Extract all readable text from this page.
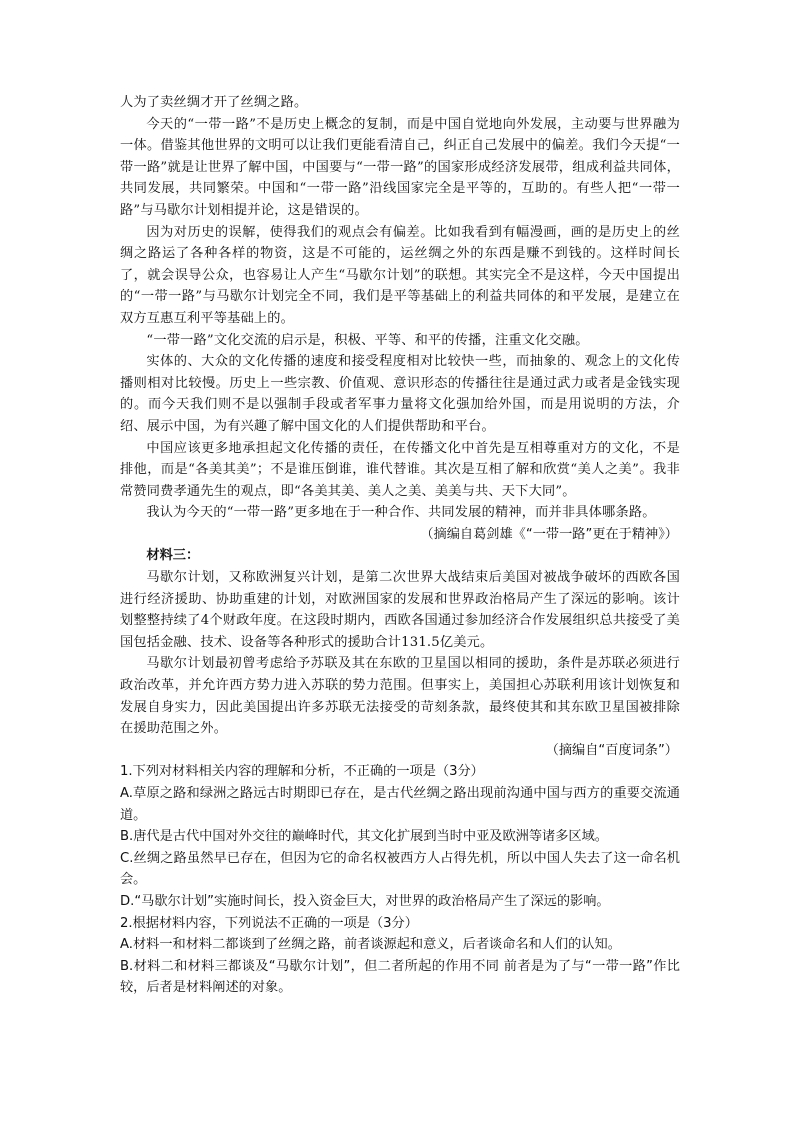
人为了卖丝绸才开了丝绸之路。

今天的“一带一路”不是历史上概念的复制，而是中国自觉地向外发展，主动要与世界融为一体。借鉴其他世界的文明可以让我们更能看清自己，纠正自己发展中的偏差。我们今天提“一带一路”就是让世界了解中国，中国要与“一带一路”的国家形成经济发展带，组成利益共同体，共同发展，共同繁荣。中国和“一带一路”沿线国家完全是平等的，互助的。有些人把“一带一路”与马歇尔计划相提并论，这是错误的。

因为对历史的误解，使得我们的观点会有偏差。比如我看到有幅漫画，画的是历史上的丝绸之路运了各种各样的物资，这是不可能的，运丝绸之外的东西是赚不到钱的。这样时间长了，就会误导公众，也容易让人产生“马歇尔计划”的联想。其实完全不是这样，今天中国提出的“一带一路”与马歇尔计划完全不同，我们是平等基础上的利益共同体的和平发展，是建立在双方互惠互利平等基础上的。

“一带一路”文化交流的启示是，积极、平等、和平的传播，注重文化交融。

实体的、大众的文化传播的速度和接受程度相对比较快一些，而抽象的、观念上的文化传播则相对比较慢。历史上一些宗教、价值观、意识形态的传播往往是通过武力或者是金钱实现的。而今天我们则不是以强制手段或者军事力量将文化强加给外国，而是用说明的方法，介绍、展示中国，为有兴趣了解中国文化的人们提供帮助和平台。

中国应该更多地承担起文化传播的责任，在传播文化中首先是互相尊重对方的文化，不是排他，而是“各美其美”；不是谁压倒谁，谁代替谁。其次是互相了解和欣赏“美人之美”。我非常赞同费孝通先生的观点，即“各美其美、美人之美、美美与共、天下大同”。

我认为今天的“一带一路”更多地在于一种合作、共同发展的精神，而并非具体哪条路。

（摘编自葛剑雄《“一带一路”更在于精神》）

材料三：

马歇尔计划，又称欧洲复兴计划，是第二次世界大战结束后美国对被战争破坏的西欧各国进行经济援助、协助重建的计划，对欧洲国家的发展和世界政治格局产生了深远的影响。该计划整整持续了4个财政年度。在这段时期内，西欧各国通过参加经济合作发展组织总共接受了美国包括金融、技术、设备等各种形式的援助合计131.5亿美元。

马歇尔计划最初曾考虑给予苏联及其在东欧的卫星国以相同的援助，条件是苏联必须进行政治改革，并允许西方势力进入苏联的势力范围。但事实上，美国担心苏联利用该计划恢复和发展自身实力，因此美国提出许多苏联无法接受的苛刻条款，最终使其和其东欧卫星国被排除在援助范围之外。

（摘编自“百度词条”）

1.下列对材料相关内容的理解和分析，不正确的一项是（3分）

A.草原之路和绿洲之路远古时期即已存在，是古代丝绸之路出现前沟通中国与西方的重要交流通道。

B.唐代是古代中国对外交往的巅峰时代，其文化扩展到当时中亚及欧洲等诸多区域。

C.丝绸之路虽然早已存在，但因为它的命名权被西方人占得先机，所以中国人失去了这一命名机会。

D.“马歇尔计划”实施时间长，投入资金巨大，对世界的政治格局产生了深远的影响。

2.根据材料内容，下列说法不正确的一项是（3分）

A.材料一和材料二都谈到了丝绸之路，前者谈源起和意义，后者谈命名和人们的认知。

B.材料二和材料三都谈及“马歇尔计划”，但二者所起的作用不同 前者是为了与“一带一路”作比较，后者是材料阐述的对象。
